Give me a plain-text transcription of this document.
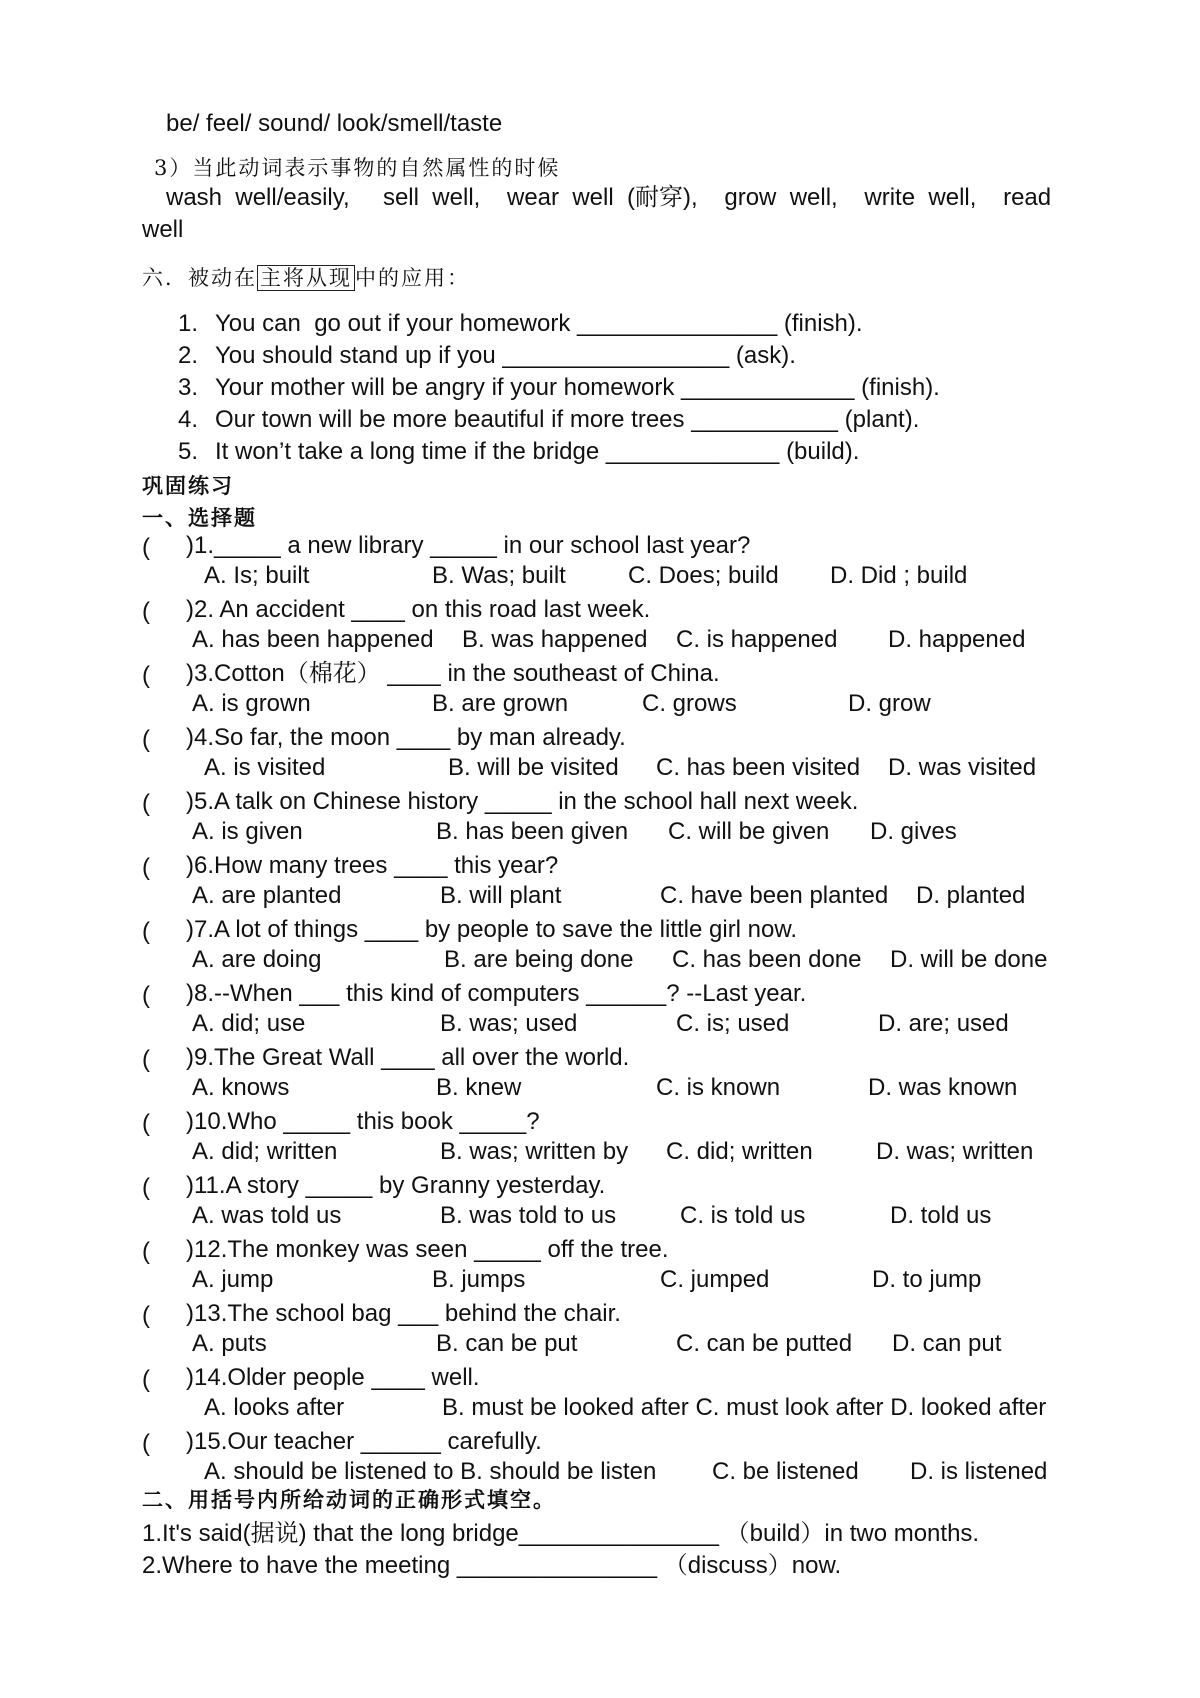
be/ feel/ sound/ look/smell/taste
3）当此动词表示事物的自然属性的时候
wash  well/easily,     sell  well,    wear  well  (耐穿),    grow  well,    write  well,    read
well
六．被动在 主将从现 中的应用：
1. You can  go out if your homework _______________ (finish).
2. You should stand up if you _________________ (ask).
3. Your mother will be angry if your homework _____________ (finish).
4. Our town will be more beautiful if more trees ___________ (plant).
5. It won’t take a long time if the bridge _____________ (build).
巩固练习
一、选择题
( )1._____ a new library _____ in our school last year?
A. Is; built	B. Was; built	C. Does; build D. Did ; build
( )2. An accident ____ on this road last week.
A. has been happened B. was happened C. is happened D. happened
( )3.Cotton（棉花） ____ in the southeast of China.
A. is grown	B. are grown	C. grows	D. grow
( )4.So far, the moon ____ by man already.
A. is visited	B. will be visited C. has been visited D. was visited
( )5.A talk on Chinese history _____ in the school hall next week.
A. is given	B. has been given C. will be given D. gives
( )6.How many trees ____ this year?
A. are planted	B. will plant	C. have been planted D. planted
( )7.A lot of things ____ by people to save the little girl now.
A. are doing	B. are being done C. has been done D. will be done
( )8.--When ___ this kind of computers ______? --Last year.
A. did; use	B. was; used	C. is; used	D. are; used
( )9.The Great Wall ____ all over the world.
A. knows	B. knew	C. is known	D. was known
( )10.Who _____ this book _____?
A. did; written	B. was; written by C. did; written	D. was; written
( )11.A story _____ by Granny yesterday.
A. was told us	B. was told to us	C. is told us	D. told us
( )12.The monkey was seen _____ off the tree.
A. jump	B. jumps	C. jumped	D. to jump
( )13.The school bag ___ behind the chair.
A. puts	B. can be put	C. can be putted D. can put
( )14.Older people ____ well.
A. looks after	B. must be looked after C. must look after D. looked after
( )15.Our teacher ______ carefully.
A. should be listened to B. should be listen C. be listened D. is listened
二、用括号内所给动词的正确形式填空。
1.It's said(据说) that the long bridge_______________ （build）in two months.
2.Where to have the meeting _______________ （discuss）now.
